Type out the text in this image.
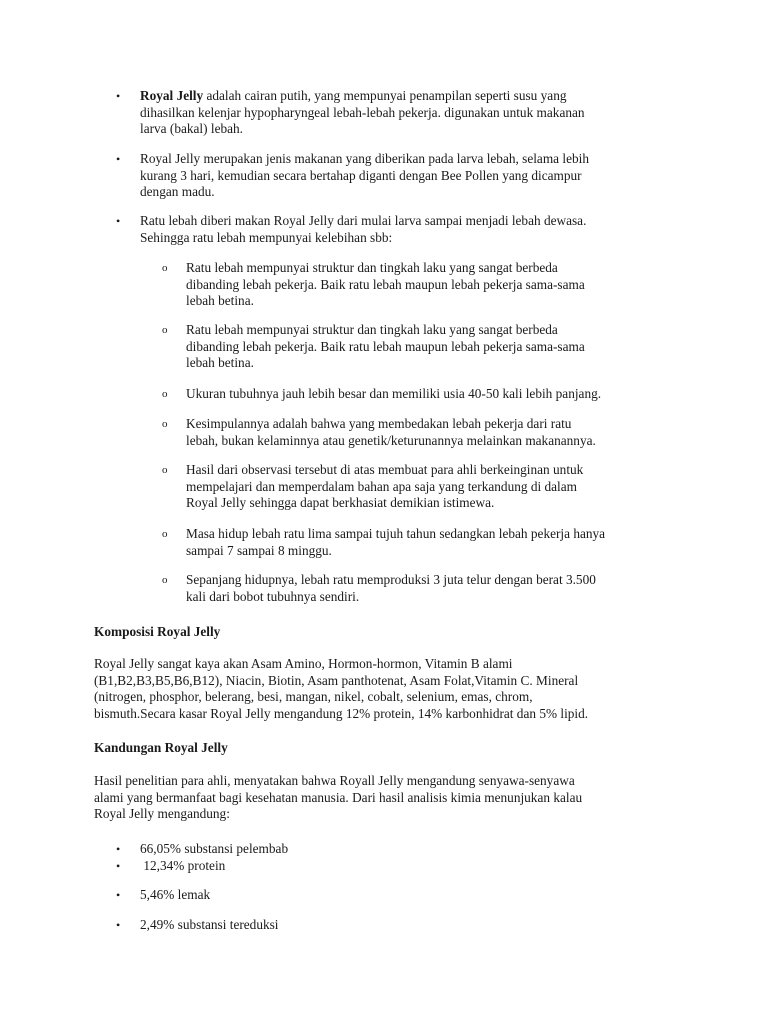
•	Royal Jelly adalah cairan putih, yang mempunyai penampilan seperti susu yang
dihasilkan kelenjar hypopharyngeal lebah-lebah pekerja. digunakan untuk makanan
larva (bakal) lebah.
•	Royal Jelly merupakan jenis makanan yang diberikan pada larva lebah, selama lebih
kurang 3 hari, kemudian secara bertahap diganti dengan Bee Pollen yang dicampur
dengan madu.
•	Ratu lebah diberi makan Royal Jelly dari mulai larva sampai menjadi lebah dewasa.
Sehingga ratu lebah mempunyai kelebihan sbb:
o	Ratu lebah mempunyai struktur dan tingkah laku yang sangat berbeda
dibanding lebah pekerja. Baik ratu lebah maupun lebah pekerja sama-sama
lebah betina.
o	Ratu lebah mempunyai struktur dan tingkah laku yang sangat berbeda
dibanding lebah pekerja. Baik ratu lebah maupun lebah pekerja sama-sama
lebah betina.
o	Ukuran tubuhnya jauh lebih besar dan memiliki usia 40-50 kali lebih panjang.
o	Kesimpulannya adalah bahwa yang membedakan lebah pekerja dari ratu
lebah, bukan kelaminnya atau genetik/keturunannya melainkan makanannya.
o	Hasil dari observasi tersebut di atas membuat para ahli berkeinginan untuk
mempelajari dan memperdalam bahan apa saja yang terkandung di dalam
Royal Jelly sehingga dapat berkhasiat demikian istimewa.
o	Masa hidup lebah ratu lima sampai tujuh tahun sedangkan lebah pekerja hanya
sampai 7 sampai 8 minggu.
o	Sepanjang hidupnya, lebah ratu memproduksi 3 juta telur dengan berat 3.500
kali dari bobot tubuhnya sendiri.
Komposisi Royal Jelly
Royal Jelly sangat kaya akan Asam Amino, Hormon-hormon, Vitamin B alami
(B1,B2,B3,B5,B6,B12), Niacin, Biotin, Asam panthotenat, Asam Folat,Vitamin C. Mineral
(nitrogen, phosphor, belerang, besi, mangan, nikel, cobalt, selenium, emas, chrom,
bismuth.Secara kasar Royal Jelly mengandung 12% protein, 14% karbonhidrat dan 5% lipid.
Kandungan Royal Jelly
Hasil penelitian para ahli, menyatakan bahwa Royall Jelly mengandung senyawa-senyawa
alami yang bermanfaat bagi kesehatan manusia. Dari hasil analisis kimia menunjukan kalau
Royal Jelly mengandung:
•	66,05% substansi pelembab
•	12,34% protein
•	5,46% lemak
•	2,49% substansi tereduksi
